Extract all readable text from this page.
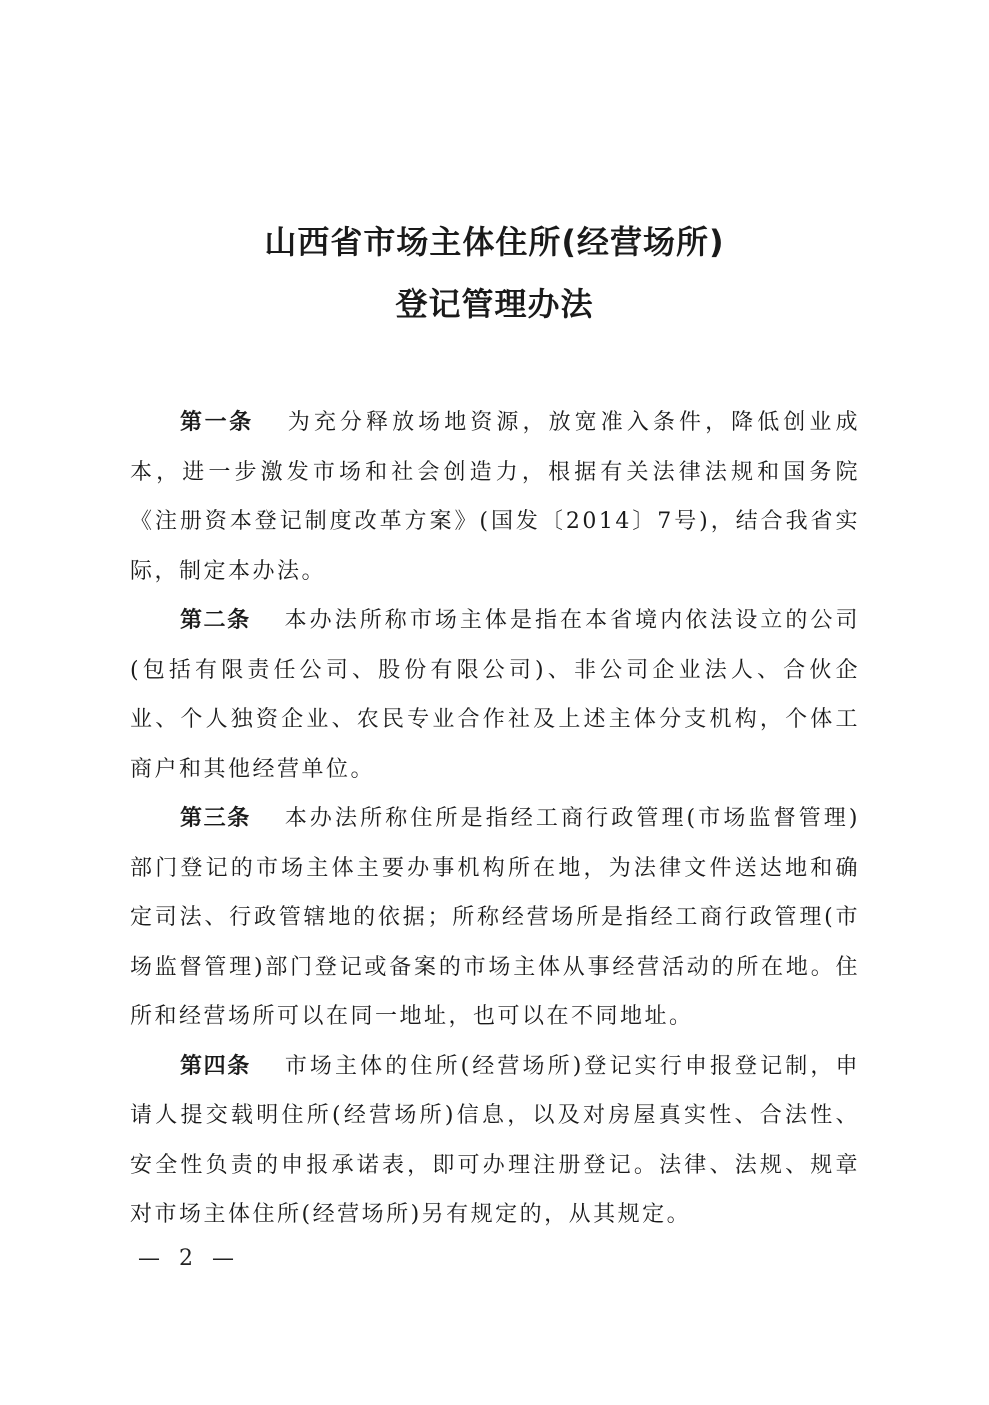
山西省市场主体住所(经营场所)
登记管理办法

第一条 为充分释放场地资源，放宽准入条件，降低创业成本，进一步激发市场和社会创造力，根据有关法律法规和国务院《注册资本登记制度改革方案》(国发〔2014〕7号)，结合我省实际，制定本办法。

第二条 本办法所称市场主体是指在本省境内依法设立的公司(包括有限责任公司、股份有限公司)、非公司企业法人、合伙企业、个人独资企业、农民专业合作社及上述主体分支机构，个体工商户和其他经营单位。

第三条 本办法所称住所是指经工商行政管理(市场监督管理)部门登记的市场主体主要办事机构所在地，为法律文件送达地和确定司法、行政管辖地的依据；所称经营场所是指经工商行政管理(市场监督管理)部门登记或备案的市场主体从事经营活动的所在地。住所和经营场所可以在同一地址，也可以在不同地址。

第四条 市场主体的住所(经营场所)登记实行申报登记制，申请人提交载明住所(经营场所)信息，以及对房屋真实性、合法性、安全性负责的申报承诺表，即可办理注册登记。法律、法规、规章对市场主体住所(经营场所)另有规定的，从其规定。

— 2 —
